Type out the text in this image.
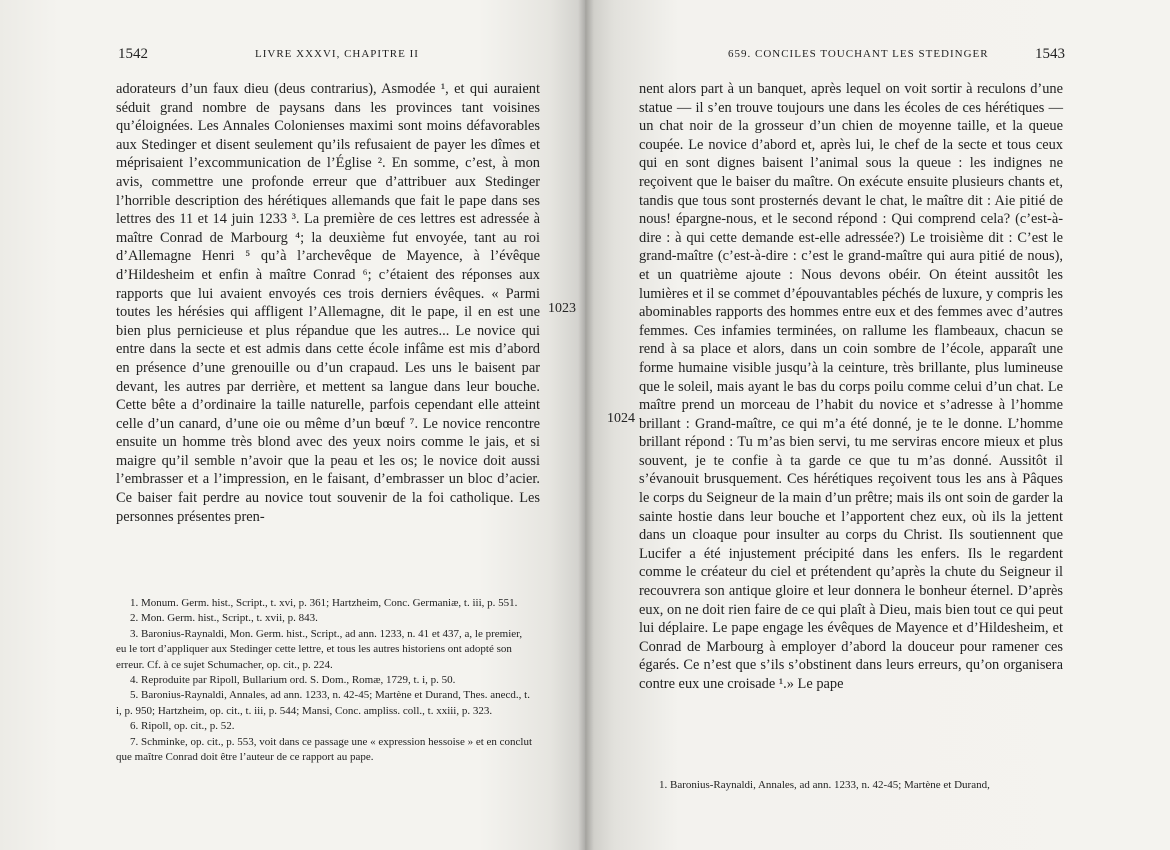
1542	LIVRE XXXVI, CHAPITRE II
adorateurs d’un faux dieu (deus contrarius), Asmodée ¹, et qui auraient séduit grand nombre de paysans dans les provinces tant voisines qu’éloignées. Les Annales Colonienses maximi sont moins défavorables aux Stedinger et disent seulement qu’ils refusaient de payer les dîmes et méprisaient l’excommunication de l’Église ². En somme, c’est, à mon avis, commettre une profonde erreur que d’attribuer aux Stedinger l’horrible description des hérétiques allemands que fait le pape dans ses lettres des 11 et 14 juin 1233 ³. La première de ces lettres est adressée à maître Conrad de Marbourg ⁴; la deuxième fut envoyée, tant au roi d’Allemagne Henri ⁵ qu’à l’archevêque de Mayence, à l’évêque d’Hildesheim et enfin à maître Conrad ⁶; c’étaient des réponses aux rapports que lui avaient envoyés ces trois derniers évêques. « Parmi toutes les hérésies qui affligent l’Allemagne, dit le pape, il en est une bien plus pernicieuse et plus répandue que les autres... Le novice qui entre dans la secte et est admis dans cette école infâme est mis d’abord en présence d’une grenouille ou d’un crapaud. Les uns le baisent par devant, les autres par derrière, et mettent sa langue dans leur bouche. Cette bête a d’ordinaire la taille naturelle, parfois cependant elle atteint celle d’un canard, d’une oie ou même d’un bœuf ⁷. Le novice rencontre ensuite un homme très blond avec des yeux noirs comme le jais, et si maigre qu’il semble n’avoir que la peau et les os; le novice doit aussi l’embrasser et a l’impression, en le faisant, d’embrasser un bloc d’acier. Ce baiser fait perdre au novice tout souvenir de la foi catholique. Les personnes présentes pren-
1. Monum. Germ. hist., Script., t. xvi, p. 361; Hartzheim, Conc. Germaniæ, t. iii, p. 551.
2. Mon. Germ. hist., Script., t. xvii, p. 843.
3. Baronius-Raynaldi, Mon. Germ. hist., Script., ad ann. 1233, n. 41 et 437, a, le premier, eu le tort d’appliquer aux Stedinger cette lettre, et tous les autres historiens ont adopté son erreur. Cf. à ce sujet Schumacher, op. cit., p. 224.
4. Reproduite par Ripoll, Bullarium ord. S. Dom., Romæ, 1729, t. i, p. 50.
5. Baronius-Raynaldi, Annales, ad ann. 1233, n. 42-45; Martène et Durand, Thes. anecd., t. i, p. 950; Hartzheim, op. cit., t. iii, p. 544; Mansi, Conc. ampliss. coll., t. xxiii, p. 323.
6. Ripoll, op. cit., p. 52.
7. Schminke, op. cit., p. 553, voit dans ce passage une « expression hessoise » et en conclut que maître Conrad doit être l’auteur de ce rapport au pape.
1023
659. CONCILES TOUCHANT LES STEDINGER	1543
1024
nent alors part à un banquet, après lequel on voit sortir à reculons d’une statue — il s’en trouve toujours une dans les écoles de ces hérétiques — un chat noir de la grosseur d’un chien de moyenne taille, et la queue coupée. Le novice d’abord et, après lui, le chef de la secte et tous ceux qui en sont dignes baisent l’animal sous la queue : les indignes ne reçoivent que le baiser du maître. On exécute ensuite plusieurs chants et, tandis que tous sont prosternés devant le chat, le maître dit : Aie pitié de nous! épargne-nous, et le second répond : Qui comprend cela? (c’est-à-dire : à qui cette demande est-elle adressée?) Le troisième dit : C’est le grand-maître (c’est-à-dire : c’est le grand-maître qui aura pitié de nous), et un quatrième ajoute : Nous devons obéir. On éteint aussitôt les lumières et il se commet d’épouvantables péchés de luxure, y compris les abominables rapports des hommes entre eux et des femmes avec d’autres femmes. Ces infamies terminées, on rallume les flambeaux, chacun se rend à sa place et alors, dans un coin sombre de l’école, apparaît une forme humaine visible jusqu’à la ceinture, très brillante, plus lumineuse que le soleil, mais ayant le bas du corps poilu comme celui d’un chat. Le maître prend un morceau de l’habit du novice et s’adresse à l’homme brillant : Grand-maître, ce qui m’a été donné, je te le donne. L’homme brillant répond : Tu m’as bien servi, tu me serviras encore mieux et plus souvent, je te confie à ta garde ce que tu m’as donné. Aussitôt il s’évanouit brusquement. Ces hérétiques reçoivent tous les ans à Pâques le corps du Seigneur de la main d’un prêtre; mais ils ont soin de garder la sainte hostie dans leur bouche et l’apportent chez eux, où ils la jettent dans un cloaque pour insulter au corps du Christ. Ils soutiennent que Lucifer a été injustement précipité dans les enfers. Ils le regardent comme le créateur du ciel et prétendent qu’après la chute du Seigneur il recouvrera son antique gloire et leur donnera le bonheur éternel. D’après eux, on ne doit rien faire de ce qui plaît à Dieu, mais bien tout ce qui peut lui déplaire. Le pape engage les évêques de Mayence et d’Hildesheim, et Conrad de Marbourg à employer d’abord la douceur pour ramener ces égarés. Ce n’est que s’ils s’obstinent dans leurs erreurs, qu’on organisera contre eux une croisade ¹.» Le pape
1. Baronius-Raynaldi, Annales, ad ann. 1233, n. 42-45; Martène et Durand,
